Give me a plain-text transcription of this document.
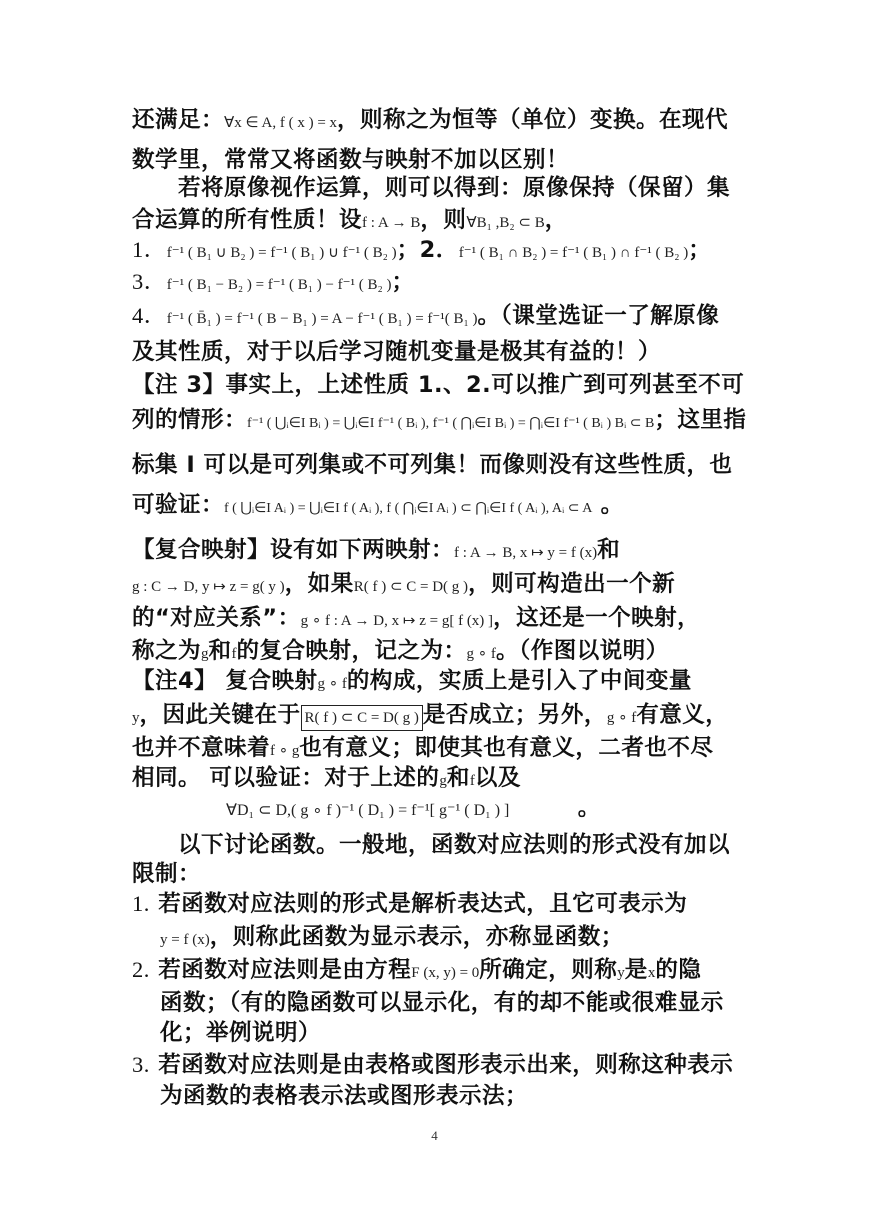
还满足：∀x ∈ A, f ( x ) = x，则称之为恒等（单位）变换。在现代
数学里，常常又将函数与映射不加以区别！
若将原像视作运算，则可以得到：原像保持（保留）集
合运算的所有性质！设f : A → B，则∀B₁ ,B₂ ⊂ B，
1．f⁻¹ ( B₁ ∪ B₂ ) = f⁻¹ ( B₁ ) ∪ f⁻¹ ( B₂ )；2．f⁻¹ ( B₁ ∩ B₂ ) = f⁻¹ ( B₁ ) ∩ f⁻¹ ( B₂ )；
3．f⁻¹ ( B₁ − B₂ ) = f⁻¹ ( B₁ ) − f⁻¹ ( B₂ )；
4．f⁻¹ ( B̄₁ ) = f⁻¹ ( B − B₁ ) = A − f⁻¹ ( B₁ ) = f⁻¹( B₁ )。（课堂选证一了解原像
及其性质，对于以后学习随机变量是极其有益的！）
【注 3】事实上，上述性质 1.、2.可以推广到可列甚至不可
列的情形：f⁻¹ ( ⋃ᵢ∈I Bᵢ ) = ⋃ᵢ∈I f⁻¹ ( Bᵢ ), f⁻¹ ( ⋂ᵢ∈I Bᵢ ) = ⋂ᵢ∈I f⁻¹ ( Bᵢ ) Bᵢ ⊂ B；这里指
标集 I 可以是可列集或不可列集！而像则没有这些性质，也
可验证：f ( ⋃ᵢ∈I Aᵢ ) = ⋃ᵢ∈I f ( Aᵢ ), f ( ⋂ᵢ∈I Aᵢ ) ⊂ ⋂ᵢ∈I f ( Aᵢ ), Aᵢ ⊂ A 。
【复合映射】设有如下两映射：f : A → B, x ↦ y = f (x)和
g : C → D, y ↦ z = g( y )，如果R( f ) ⊂ C = D( g )，则可构造出一个新
的“对应关系”：g ∘ f : A → D, x ↦ z = g[ f (x) ]，这还是一个映射，
称之为g和f的复合映射，记之为：g ∘ f。（作图以说明）
【注4】 复合映射g ∘ f的构成，实质上是引入了中间变量
y，因此关键在于 R( f ) ⊂ C = D( g ) 是否成立；另外，g ∘ f有意义，
也并不意味着f ∘ g也有意义；即使其也有意义，二者也不尽
相同。 可以验证：对于上述的g和f以及
∀D₁ ⊂ D,( g ∘ f )⁻¹ ( D₁ ) = f⁻¹[ g⁻¹ ( D₁ ) ]	。
以下讨论函数。一般地，函数对应法则的形式没有加以
限制：
1. 若函数对应法则的形式是解析表达式，且它可表示为
y = f (x)，则称此函数为显示表示，亦称显函数；
2. 若函数对应法则是由方程F (x, y) = 0所确定，则称y是x的隐
函数；（有的隐函数可以显示化，有的却不能或很难显示
化；举例说明）
3. 若函数对应法则是由表格或图形表示出来，则称这种表示
为函数的表格表示法或图形表示法；
4
